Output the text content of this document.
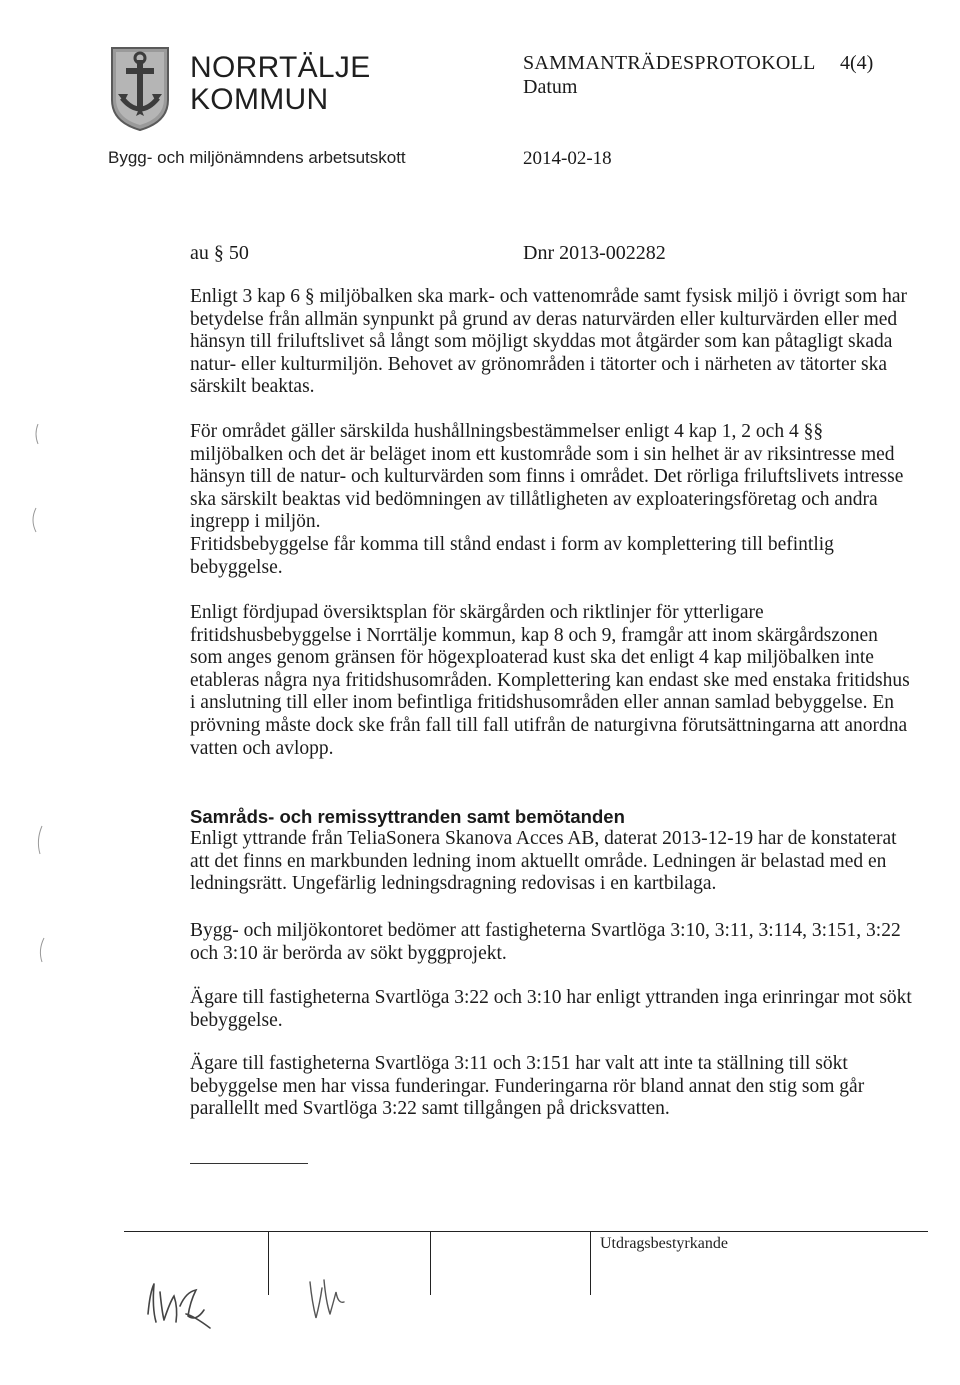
NORRTÄLJE
KOMMUN
SAMMANTRÄDESPROTOKOLL 4(4)
Datum
Bygg- och miljönämndens arbetsutskott	2014-02-18
au § 50	Dnr 2013-002282
Enligt 3 kap 6 § miljöbalken ska mark- och vattenområde samt fysisk miljö i övrigt som har
betydelse från allmän synpunkt på grund av deras naturvärden eller kulturvärden eller med
hänsyn till friluftslivet så långt som möjligt skyddas mot åtgärder som kan påtagligt skada
natur- eller kulturmiljön. Behovet av grönområden i tätorter och i närheten av tätorter ska
särskilt beaktas.
För området gäller särskilda hushållningsbestämmelser enligt 4 kap 1, 2 och 4 §§
miljöbalken och det är beläget inom ett kustområde som i sin helhet är av riksintresse med
hänsyn till de natur- och kulturvärden som finns i området. Det rörliga friluftslivets intresse
ska särskilt beaktas vid bedömningen av tillåtligheten av exploateringsföretag och andra
ingrepp i miljön.
Fritidsbebyggelse får komma till stånd endast i form av komplettering till befintlig
bebyggelse.
Enligt fördjupad översiktsplan för skärgården och riktlinjer för ytterligare
fritidshusbebyggelse i Norrtälje kommun, kap 8 och 9, framgår att inom skärgårdszonen
som anges genom gränsen för högexploaterad kust ska det enligt 4 kap miljöbalken inte
etableras några nya fritidshusområden. Komplettering kan endast ske med enstaka fritidshus
i anslutning till eller inom befintliga fritidshusområden eller annan samlad bebyggelse. En
prövning måste dock ske från fall till fall utifrån de naturgivna förutsättningarna att anordna
vatten och avlopp.
Samråds- och remissyttranden samt bemötanden
Enligt yttrande från TeliaSonera Skanova Acces AB, daterat 2013-12-19 har de konstaterat
att det finns en markbunden ledning inom aktuellt område. Ledningen är belastad med en
ledningsrätt. Ungefärlig ledningsdragning redovisas i en kartbilaga.
Bygg- och miljökontoret bedömer att fastigheterna Svartlöga 3:10, 3:11, 3:114, 3:151, 3:22
och 3:10 är berörda av sökt byggprojekt.
Ägare till fastigheterna Svartlöga 3:22 och 3:10 har enligt yttranden inga erinringar mot sökt
bebyggelse.
Ägare till fastigheterna Svartlöga 3:11 och 3:151 har valt att inte ta ställning till sökt
bebyggelse men har vissa funderingar. Funderingarna rör bland annat den stig som går
parallellt med Svartlöga 3:22 samt tillgången på dricksvatten.
Utdragsbestyrkande
